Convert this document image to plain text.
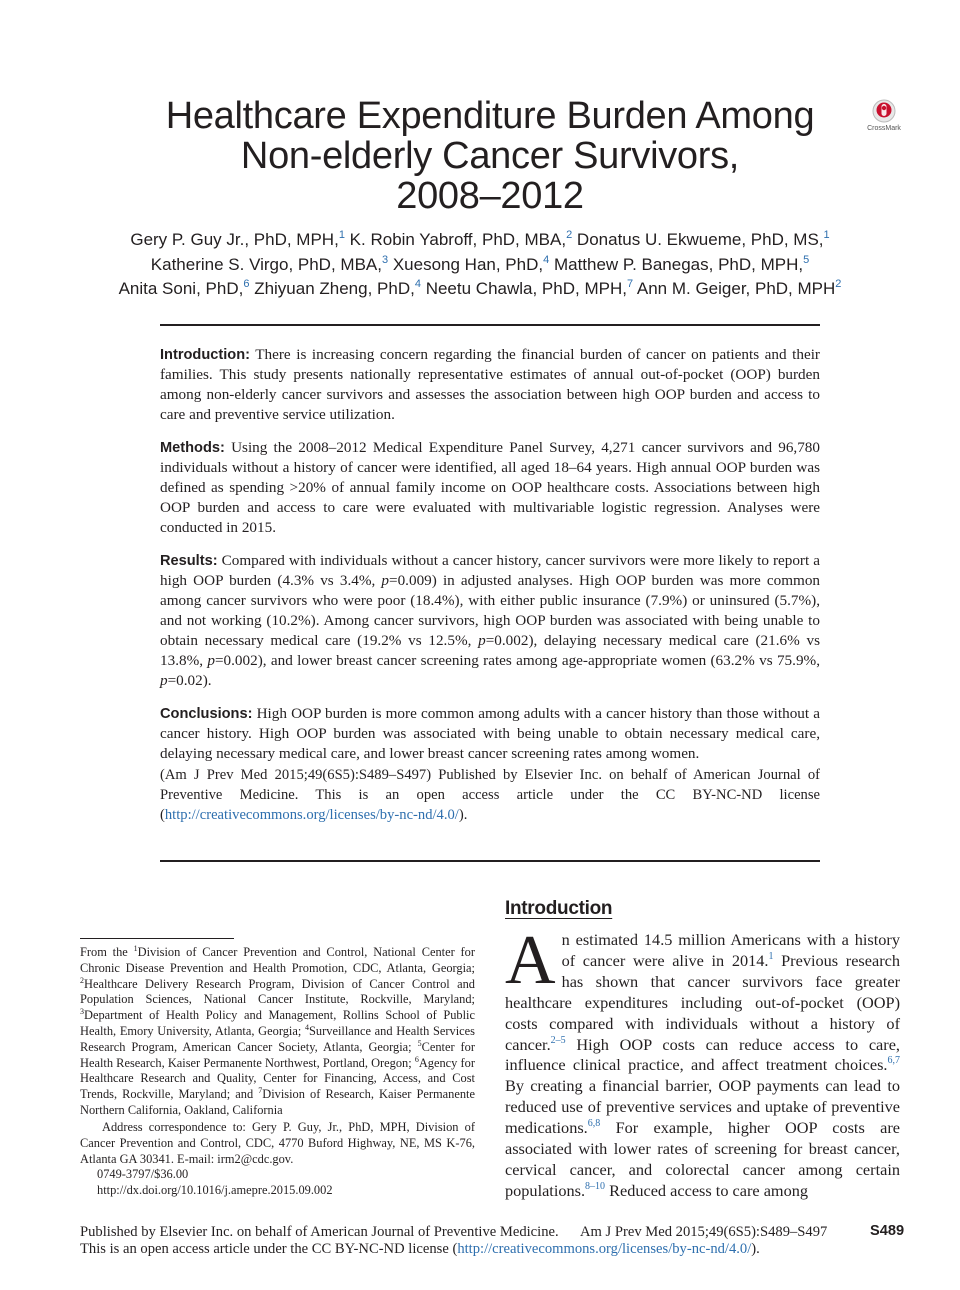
Healthcare Expenditure Burden Among
Non-elderly Cancer Survivors,
2008–2012
CrossMark
Gery P. Guy Jr., PhD, MPH,$^1$ K. Robin Yabroff, PhD, MBA,$^2$ Donatus U. Ekwueme, PhD, MS,$^1$
Katherine S. Virgo, PhD, MBA,$^3$ Xuesong Han, PhD,$^4$ Matthew P. Banegas, PhD, MPH,$^5$
Anita Soni, PhD,$^6$ Zhiyuan Zheng, PhD,$^4$ Neetu Chawla, PhD, MPH,$^7$ Ann M. Geiger, PhD, MPH$^2$

Introduction: There is increasing concern regarding the financial burden of cancer on patients and their families. This study presents nationally representative estimates of annual out-of-pocket (OOP) burden among non-elderly cancer survivors and assesses the association between high OOP burden and access to care and preventive service utilization.

Methods: Using the 2008–2012 Medical Expenditure Panel Survey, 4,271 cancer survivors and 96,780 individuals without a history of cancer were identified, all aged 18–64 years. High annual OOP burden was defined as spending >20% of annual family income on OOP healthcare costs. Associations between high OOP burden and access to care were evaluated with multivariable logistic regression. Analyses were conducted in 2015.

Results: Compared with individuals without a cancer history, cancer survivors were more likely to report a high OOP burden (4.3% vs 3.4%, p=0.009) in adjusted analyses. High OOP burden was more common among cancer survivors who were poor (18.4%), with either public insurance (7.9%) or uninsured (5.7%), and not working (10.2%). Among cancer survivors, high OOP burden was associated with being unable to obtain necessary medical care (19.2% vs 12.5%, p=0.002), delaying necessary medical care (21.6% vs 13.8%, p=0.002), and lower breast cancer screening rates among age-appropriate women (63.2% vs 75.9%, p=0.02).

Conclusions: High OOP burden is more common among adults with a cancer history than those without a cancer history. High OOP burden was associated with being unable to obtain necessary medical care, delaying necessary medical care, and lower breast cancer screening rates among women.

(Am J Prev Med 2015;49(6S5):S489–S497) Published by Elsevier Inc. on behalf of American Journal of Preventive Medicine. This is an open access article under the CC BY-NC-ND license (http://creativecommons.org/licenses/by-nc-nd/4.0/).

Introduction

An estimated 14.5 million Americans with a history of cancer were alive in 2014.$^1$ Previous research has shown that cancer survivors face greater healthcare expenditures including out-of-pocket (OOP) costs compared with individuals without a history of cancer.$^{2-5}$ High OOP costs can reduce access to care, influence clinical practice, and affect treatment choices.$^{6,7}$ By creating a financial barrier, OOP payments can lead to reduced use of preventive services and uptake of preventive medications.$^{6,8}$ For example, higher OOP costs are associated with lower rates of screening for breast cancer, cervical cancer, and colorectal cancer among certain populations.$^{8-10}$ Reduced access to care among

From the $^1$Division of Cancer Prevention and Control, National Center for Chronic Disease Prevention and Health Promotion, CDC, Atlanta, Georgia; $^2$Healthcare Delivery Research Program, Division of Cancer Control and Population Sciences, National Cancer Institute, Rockville, Maryland; $^3$Department of Health Policy and Management, Rollins School of Public Health, Emory University, Atlanta, Georgia; $^4$Surveillance and Health Services Research Program, American Cancer Society, Atlanta, Georgia; $^5$Center for Health Research, Kaiser Permanente Northwest, Portland, Oregon; $^6$Agency for Healthcare Research and Quality, Center for Financing, Access, and Cost Trends, Rockville, Maryland; and $^7$Division of Research, Kaiser Permanente Northern California, Oakland, California

Address correspondence to: Gery P. Guy, Jr., PhD, MPH, Division of Cancer Prevention and Control, CDC, 4770 Buford Highway, NE, MS K-76, Atlanta GA 30341. E-mail: irm2@cdc.gov.

0749-3797/$36.00
http://dx.doi.org/10.1016/j.amepre.2015.09.002
Published by Elsevier Inc. on behalf of American Journal of Preventive Medicine.
This is an open access article under the CC BY-NC-ND license (http://creativecommons.org/licenses/by-nc-nd/4.0/).
Am J Prev Med 2015;49(6S5):S489–S497	S489
